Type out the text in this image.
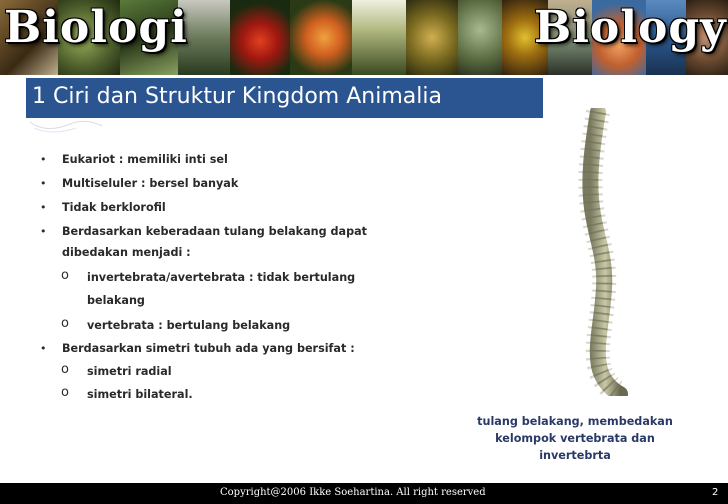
Biologi	Biology
1 Ciri dan Struktur Kingdom Animalia
• Eukariot : memiliki inti sel
• Multiseluler : bersel banyak
• Tidak berklorofil
• Berdasarkan keberadaan tulang belakang dapat
dibedakan menjadi :
o invertebrata/avertebrata : tidak bertulang
belakang
o vertebrata : bertulang belakang
• Berdasarkan simetri tubuh ada yang bersifat :
o simetri radial
o simetri bilateral.
tulang belakang, membedakan
kelompok vertebrata dan
invertebrta
Copyright@2006 Ikke Soehartina. All right reserved	2
